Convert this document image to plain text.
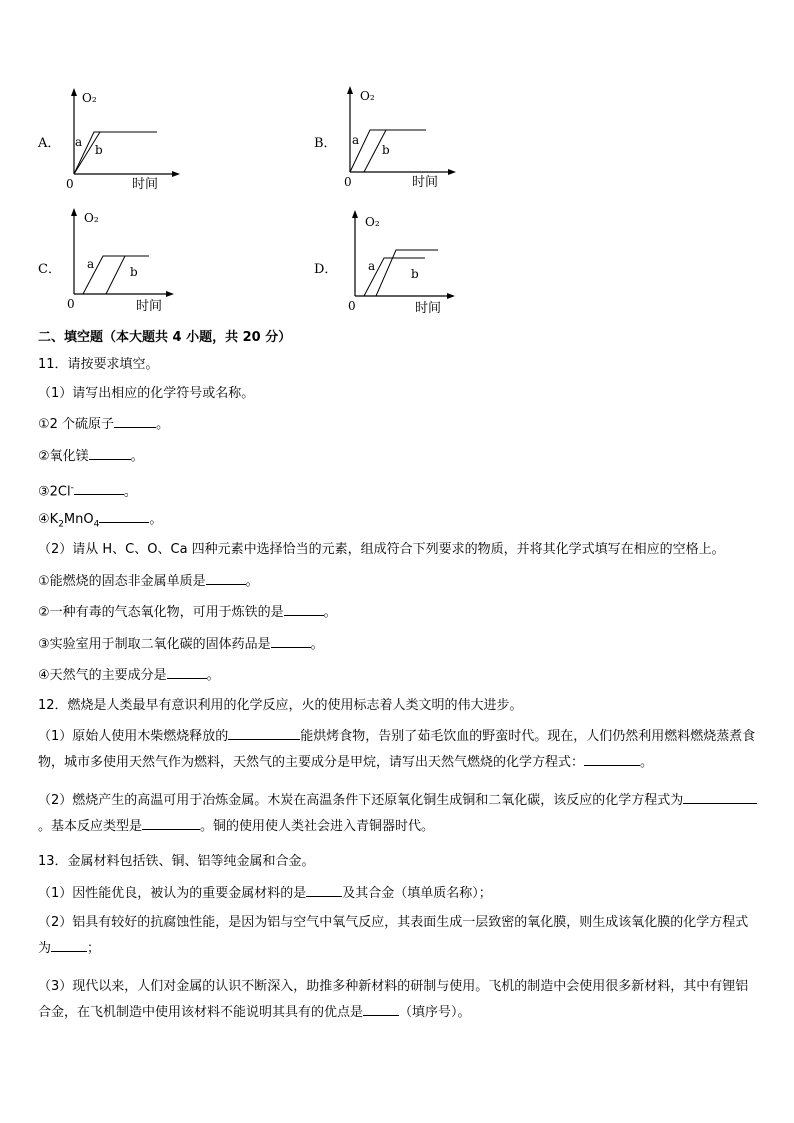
A．
O₂
a
b
0	时间
B．
O₂
a
b
0	时间
C．
O₂
a
b
0	时间
D．
O₂
a
b
0	时间
二、填空题（本大题共 4 小题，共 20 分）
11．请按要求填空。
（1）请写出相应的化学符号或名称。
①2 个硫原子	。
②氧化镁	。
③2Cl-	。
$④K_2MnO_4$	。
（2）请从 H、C、O、Ca 四种元素中选择恰当的元素，组成符合下列要求的物质，并将其化学式填写在相应的空格上。
①能燃烧的固态非金属单质是	。
②一种有毒的气态氧化物，可用于炼铁的是	。
③实验室用于制取二氧化碳的固体药品是	。
④天然气的主要成分是	。
12．燃烧是人类最早有意识利用的化学反应，火的使用标志着人类文明的伟大进步。
（1）原始人使用木柴燃烧释放的	能烘烤食物，告别了茹毛饮血的野蛮时代。现在，人们仍然利用燃料燃烧蒸煮食物，城市多使用天然气作为燃料，天然气的主要成分是甲烷，请写出天然气燃烧的化学方程式：	。
（2）燃烧产生的高温可用于冶炼金属。木炭在高温条件下还原氧化铜生成铜和二氧化碳，该反应的化学方程式为。基本反应类型是	。铜的使用使人类社会进入青铜器时代。
13．金属材料包括铁、铜、铝等纯金属和合金。
（1）因性能优良，被认为的重要金属材料的是	及其合金（填单质名称）；
（2）铝具有较好的抗腐蚀性能，是因为铝与空气中氧气反应，其表面生成一层致密的氧化膜，则生成该氧化膜的化学方程式为	；
（3）现代以来，人们对金属的认识不断深入，助推多种新材料的研制与使用。飞机的制造中会使用很多新材料，其中有锂铝合金，在飞机制造中使用该材料不能说明其具有的优点是	（填序号）。
